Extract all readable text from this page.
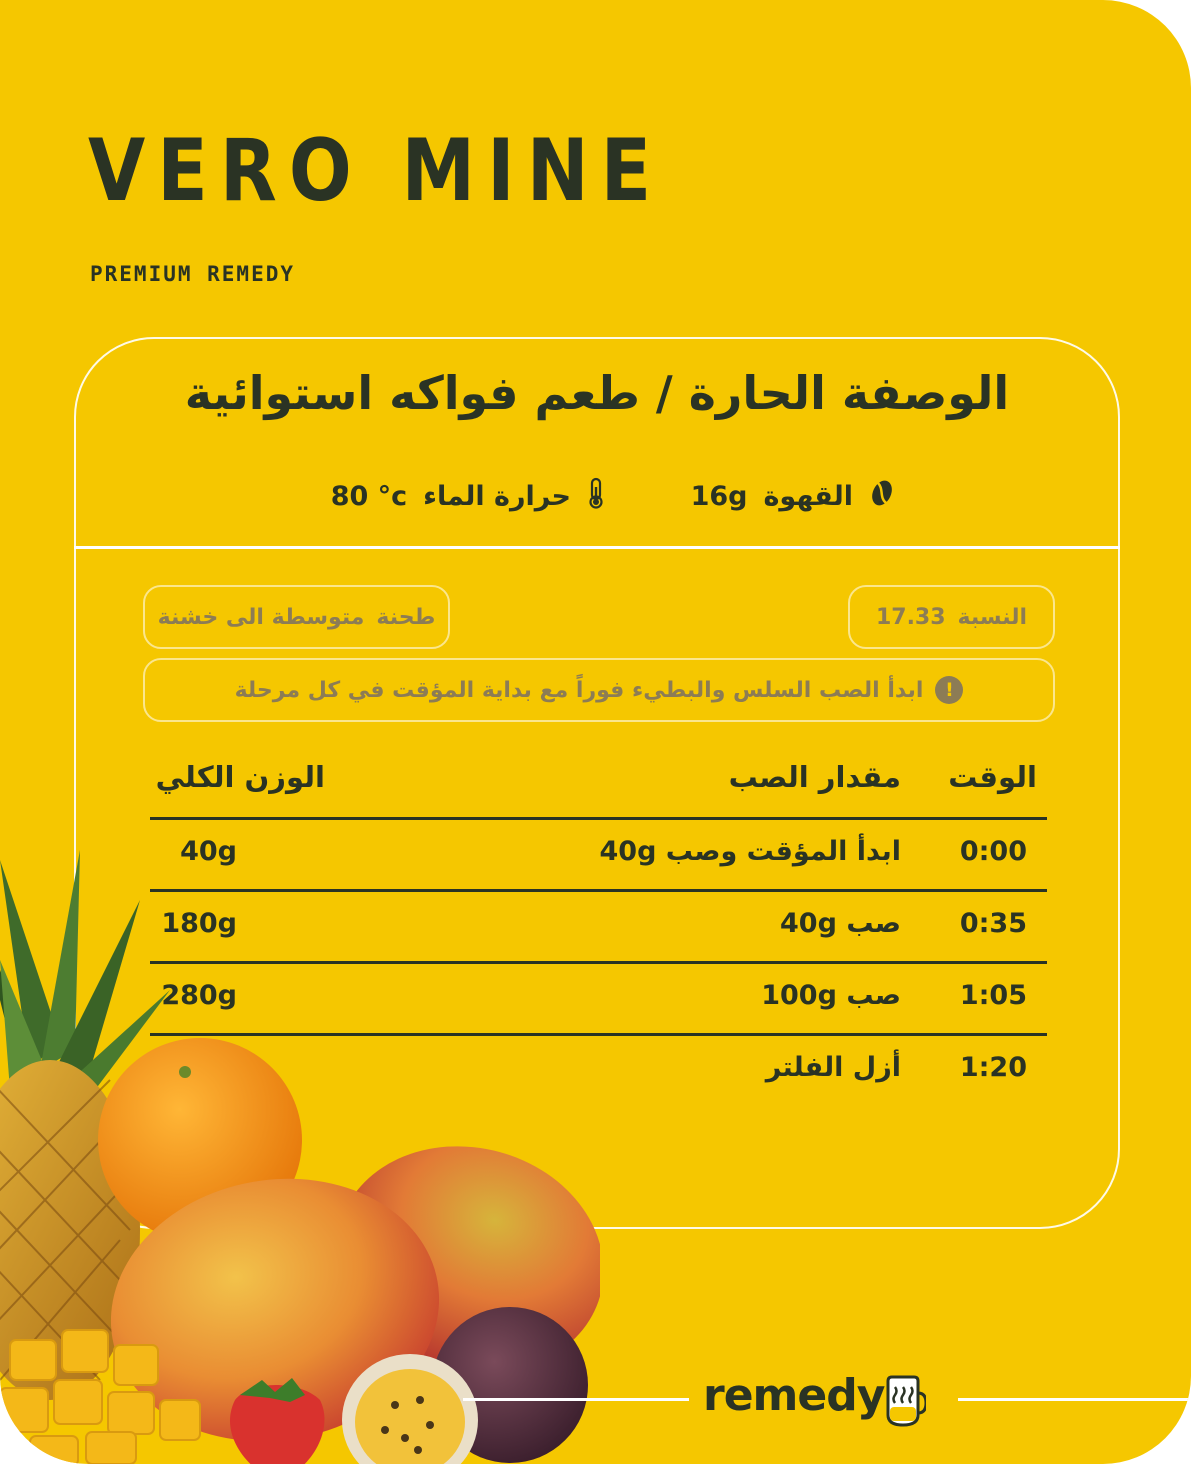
VERO MINE
PREMIUM REMEDY
الوصفة الحارة / طعم فواكه استوائية
القهوة
16g
حرارة الماء
80 °c
النسبة
17.33
طحنة
متوسطة الى خشنة
!
ابدأ الصب السلس والبطيء فوراً مع بداية المؤقت في كل مرحلة
الوقت
مقدار الصب
الوزن الكلي
0:00
ابدأ المؤقت وصب 40g
40g
0:35
صب 40g
180g
1:05
صب 100g
280g
1:20
أزل الفلتر
remedy
